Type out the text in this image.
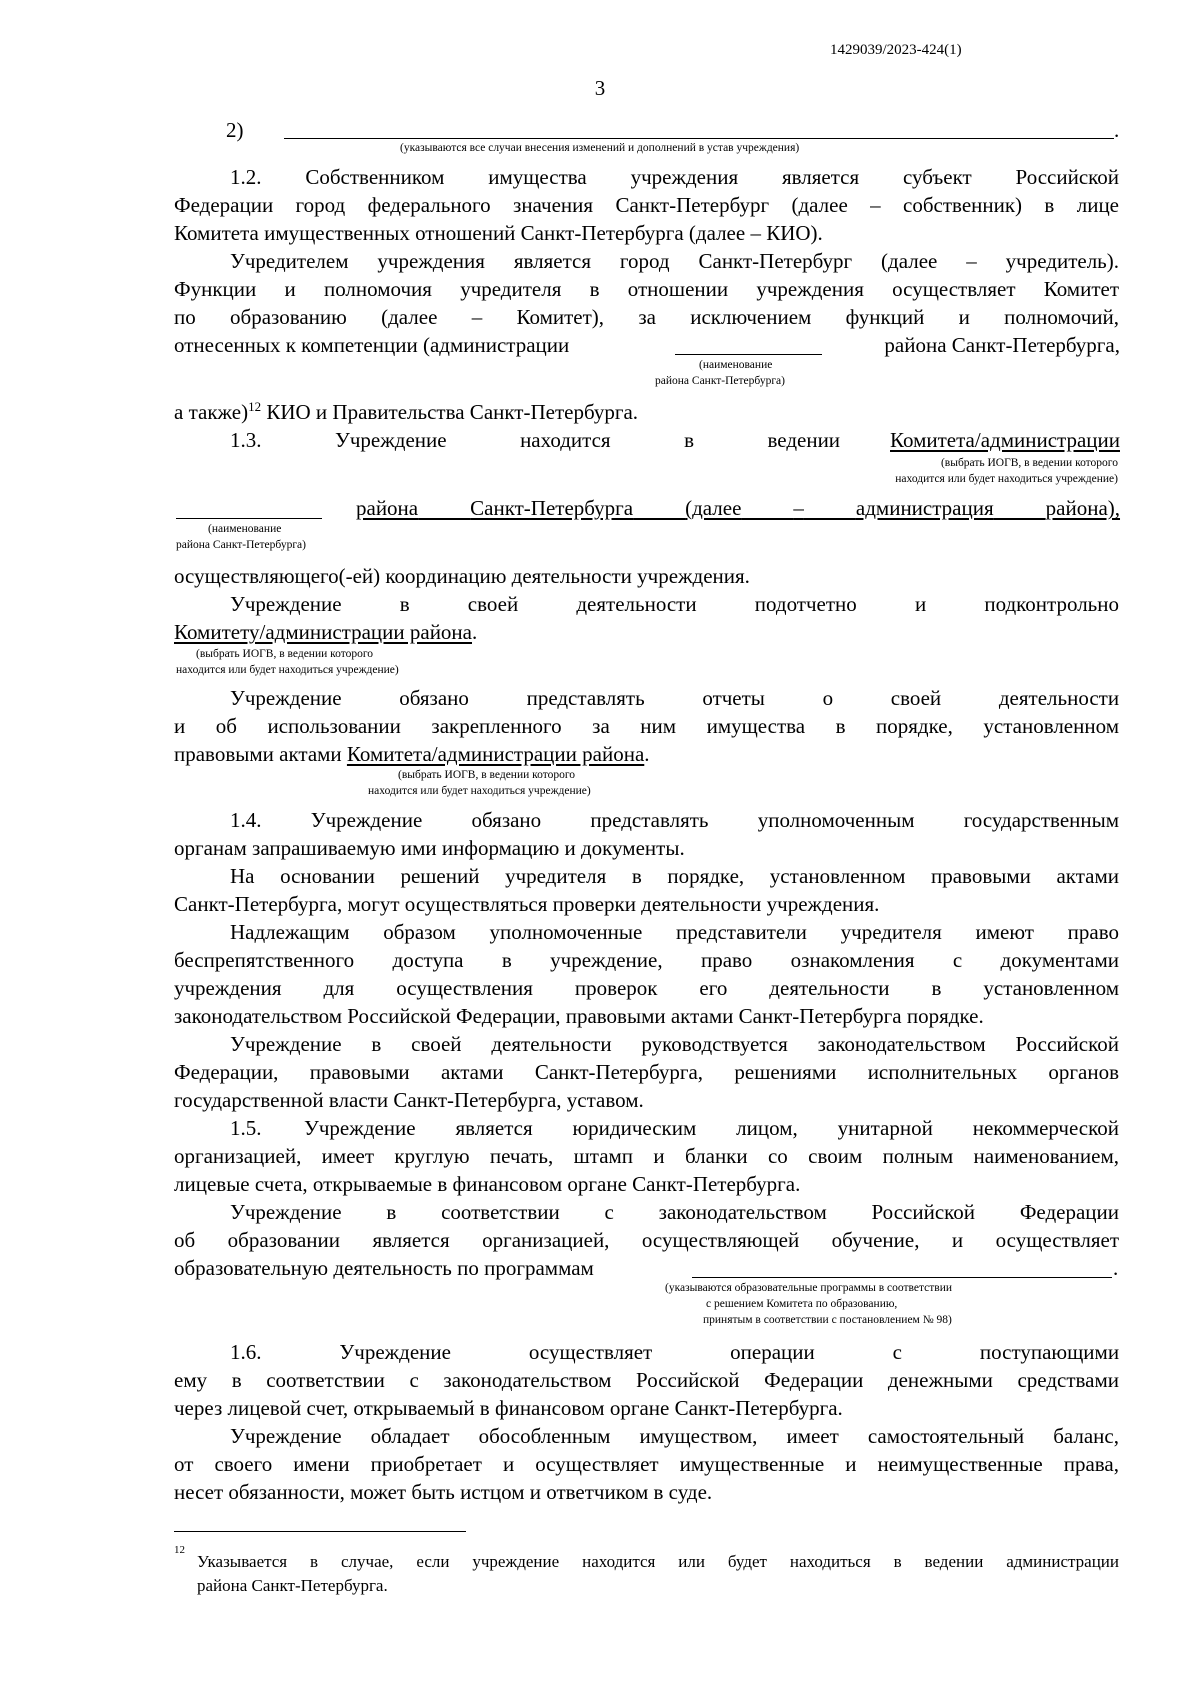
1429039/2023-424(1)
3
2)	.
(указываются все случаи внесения изменений и дополнений в устав учреждения)
1.2. Собственником имущества учреждения является субъект Российской
Федерации город федерального значения Санкт-Петербург (далее – собственник) в лице
Комитета имущественных отношений Санкт-Петербурга (далее – КИО).
Учредителем учреждения является город Санкт-Петербург (далее – учредитель).
Функции и полномочия учредителя в отношении учреждения осуществляет Комитет
по образованию (далее – Комитет), за исключением функций и полномочий,
отнесенных к компетенции (администрации	района Санкт-Петербурга,
(наименование
района Санкт-Петербурга)
а также)$^{12}$ КИО и Правительства Санкт-Петербурга.
1.3.	Учреждение	находится	в	ведении	Комитета/администрации
(выбрать ИОГВ, в ведении которого
находится или будет находиться учреждение)
района Санкт-Петербурга (далее – администрация района),
(наименование
района Санкт-Петербурга)
осуществляющего(-ей) координацию деятельности учреждения.
Учреждение	в	своей	деятельности	подотчетно	и	подконтрольно
Комитету/администрации района.
(выбрать ИОГВ, в ведении которого
находится или будет находиться учреждение)
Учреждение	обязано	представлять	отчеты	о	своей	деятельности
и об использовании закрепленного за ним имущества в порядке, установленном
правовыми актами Комитета/администрации района.
(выбрать ИОГВ, в ведении которого
находится или будет находиться учреждение)
1.4. Учреждение обязано представлять уполномоченным государственным
органам запрашиваемую ими информацию и документы.
На основании решений учредителя в порядке, установленном правовыми актами
Санкт-Петербурга, могут осуществляться проверки деятельности учреждения.
Надлежащим образом уполномоченные представители учредителя имеют право
беспрепятственного доступа в учреждение, право ознакомления с документами
учреждения для осуществления проверок его деятельности в установленном
законодательством Российской Федерации, правовыми актами Санкт-Петербурга порядке.
Учреждение в своей деятельности руководствуется законодательством Российской
Федерации, правовыми актами Санкт-Петербурга, решениями исполнительных органов
государственной власти Санкт-Петербурга, уставом.
1.5.	Учреждение является юридическим лицом, унитарной некоммерческой
организацией, имеет круглую печать, штамп и бланки со своим полным наименованием,
лицевые счета, открываемые в финансовом органе Санкт-Петербурга.
Учреждение в соответствии с законодательством Российской Федерации
об образовании является организацией, осуществляющей обучение, и осуществляет
образовательную деятельность по программам	.
(указываются образовательные программы в соответствии
с решением Комитета по образованию,
принятым в соответствии с постановлением № 98)
1.6.	Учреждение	осуществляет	операции	с	поступающими
ему в соответствии с законодательством Российской Федерации денежными средствами
через лицевой счет, открываемый в финансовом органе Санкт-Петербурга.
Учреждение обладает обособленным имуществом, имеет самостоятельный баланс,
от своего имени приобретает и осуществляет имущественные и неимущественные права,
несет обязанности, может быть истцом и ответчиком в суде.
12
Указывается в случае, если учреждение находится или будет находиться в ведении администрации
района Санкт-Петербурга.
